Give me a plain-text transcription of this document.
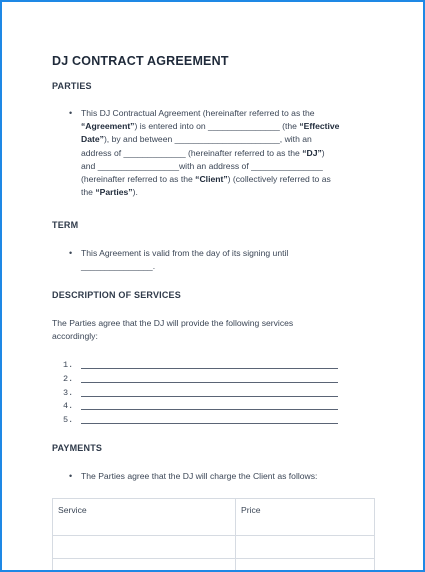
DJ CONTRACT AGREEMENT
PARTIES
• This DJ Contractual Agreement (hereinafter referred to as the
“Agreement”) is entered into on _______________ (the “Effective
Date”), by and between ______________________, with an
address of _____________ (hereinafter referred to as the “DJ”)
and _________________with an address of _______________
(hereinafter referred to as the “Client”) (collectively referred to as
the “Parties”).
TERM
• This Agreement is valid from the day of its signing until
_______________.
DESCRIPTION OF SERVICES
The Parties agree that the DJ will provide the following services
accordingly:
1.
2.
3.
4.
5.
PAYMENTS
• The Parties agree that the DJ will charge the Client as follows:
Service	Price
